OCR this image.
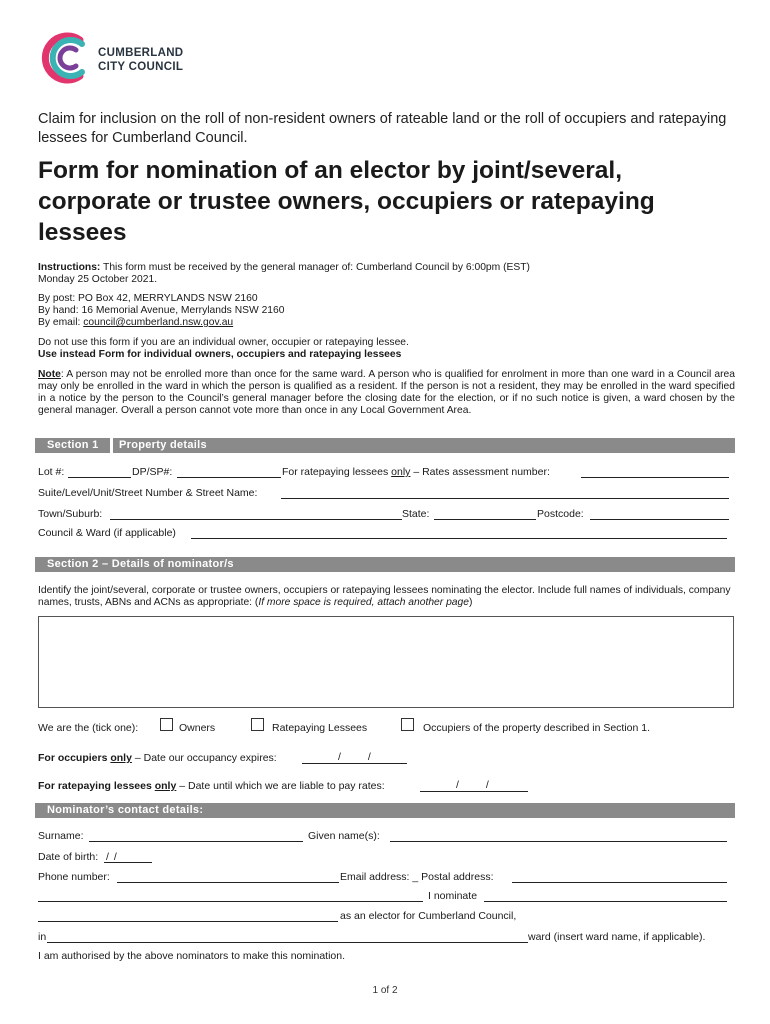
CUMBERLAND
CITY COUNCIL
Claim for inclusion on the roll of non-resident owners of rateable land or the roll of occupiers and ratepaying lessees for Cumberland Council.
Form for nomination of an elector by joint/several, corporate or trustee owners, occupiers or ratepaying lessees
Instructions: This form must be received by the general manager of: Cumberland Council by 6:00pm (EST) Monday 25 October 2021.
By post: PO Box 42, MERRYLANDS NSW 2160
By hand: 16 Memorial Avenue, Merrylands NSW 2160
By email: council@cumberland.nsw.gov.au
Do not use this form if you are an individual owner, occupier or ratepaying lessee.
Use instead Form for individual owners, occupiers and ratepaying lessees
Note: A person may not be enrolled more than once for the same ward. A person who is qualified for enrolment in more than one ward in a Council area may only be enrolled in the ward in which the person is qualified as a resident. If the person is not a resident, they may be enrolled in the ward specified in a notice by the person to the Council’s general manager before the closing date for the election, or if no such notice is given, a ward chosen by the general manager. Overall a person cannot vote more than once in any Local Government Area.
Section 1 Property details
Lot #:	DP/SP#:	For ratepaying lessees only – Rates assessment number:
Suite/Level/Unit/Street Number & Street Name:
Town/Suburb:	State:	Postcode:
Council & Ward (if applicable)
Section 2 – Details of nominator/s
Identify the joint/several, corporate or trustee owners, occupiers or ratepaying lessees nominating the elector. Include full names of individuals, company names, trusts, ABNs and ACNs as appropriate: (If more space is required, attach another page)
We are the (tick one):	Owners	Ratepaying Lessees	Occupiers of the property described in Section 1.
For occupiers only – Date our occupancy expires:	/ /
For ratepaying lessees only – Date until which we are liable to pay rates:	/ /
Nominator’s contact details:
Surname:	Given name(s):
Date of birth: / /
Phone number:	Email address: _ Postal address:
I nominate
as an elector for Cumberland Council,
in	ward (insert ward name, if applicable).
I am authorised by the above nominators to make this nomination.
1 of 2
